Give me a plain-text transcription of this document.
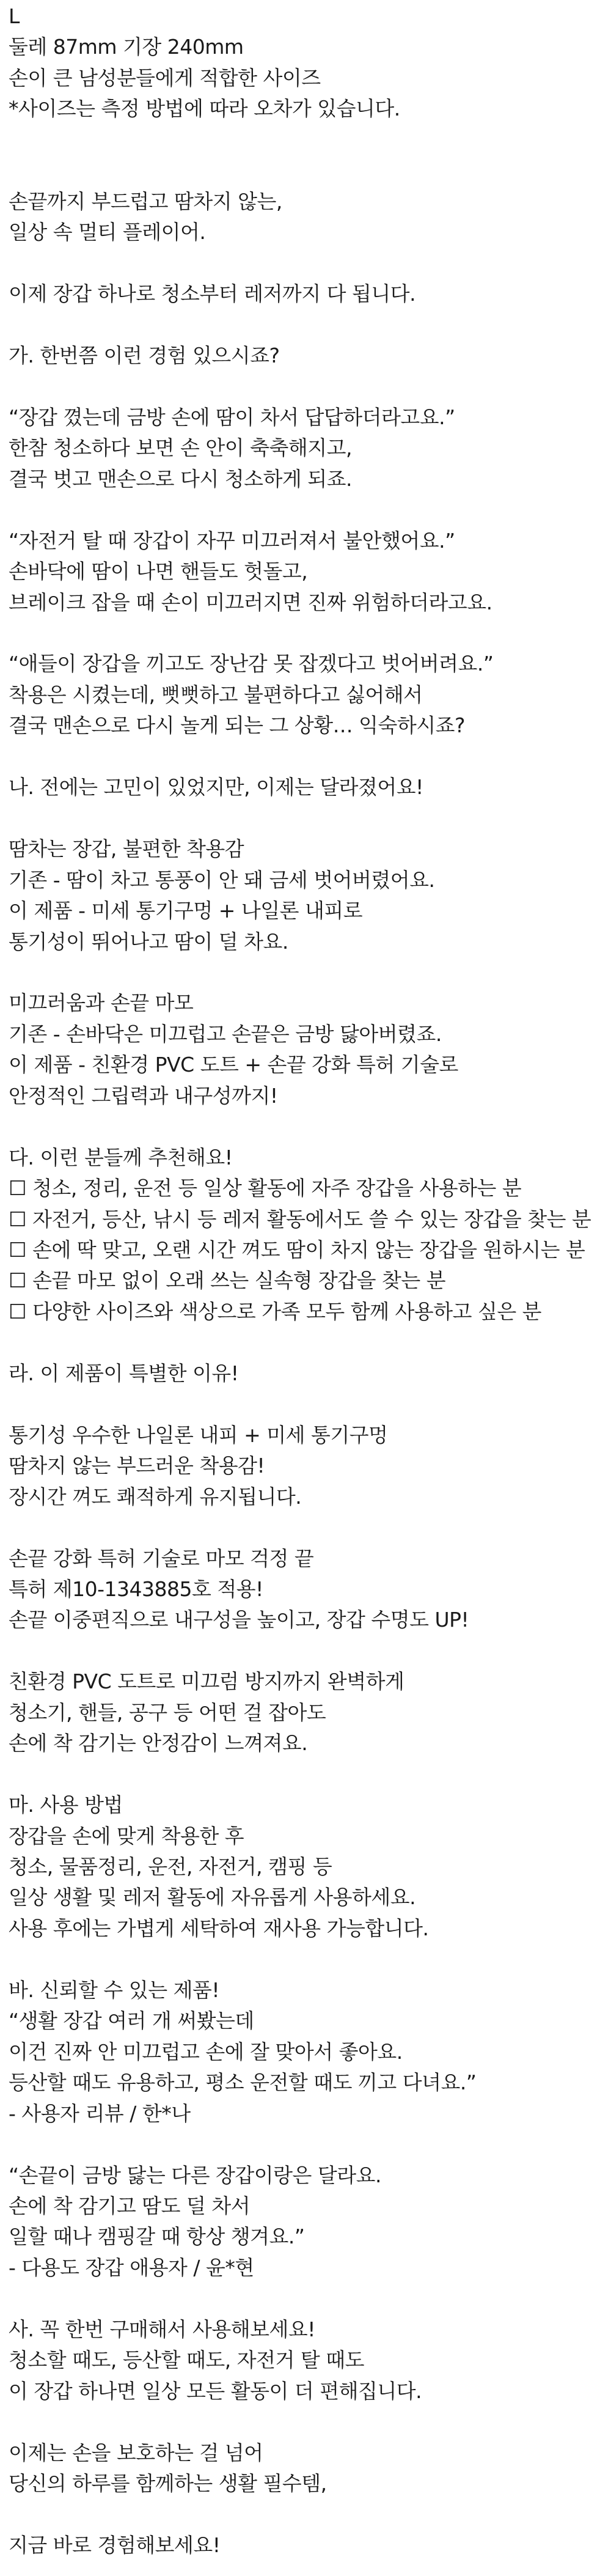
L
둘레 87mm 기장 240mm
손이 큰 남성분들에게 적합한 사이즈
*사이즈는 측정 방법에 따라 오차가 있습니다.
손끝까지 부드럽고 땀차지 않는,
일상 속 멀티 플레이어.
이제 장갑 하나로 청소부터 레저까지 다 됩니다.
가. 한번쯤 이런 경험 있으시죠?
“장갑 꼈는데 금방 손에 땀이 차서 답답하더라고요.”
한참 청소하다 보면 손 안이 축축해지고,
결국 벗고 맨손으로 다시 청소하게 되죠.
“자전거 탈 때 장갑이 자꾸 미끄러져서 불안했어요.”
손바닥에 땀이 나면 핸들도 헛돌고,
브레이크 잡을 때 손이 미끄러지면 진짜 위험하더라고요.
“애들이 장갑을 끼고도 장난감 못 잡겠다고 벗어버려요.”
착용은 시켰는데, 뻣뻣하고 불편하다고 싫어해서
결국 맨손으로 다시 놀게 되는 그 상황… 익숙하시죠?
나. 전에는 고민이 있었지만, 이제는 달라졌어요!
땀차는 장갑, 불편한 착용감
기존 - 땀이 차고 통풍이 안 돼 금세 벗어버렸어요.
이 제품 - 미세 통기구멍 + 나일론 내피로
통기성이 뛰어나고 땀이 덜 차요.
미끄러움과 손끝 마모
기존 - 손바닥은 미끄럽고 손끝은 금방 닳아버렸죠.
이 제품 - 친환경 PVC 도트 + 손끝 강화 특허 기술로
안정적인 그립력과 내구성까지!
다. 이런 분들께 추천해요!
☐ 청소, 정리, 운전 등 일상 활동에 자주 장갑을 사용하는 분
☐ 자전거, 등산, 낚시 등 레저 활동에서도 쓸 수 있는 장갑을 찾는 분
☐ 손에 딱 맞고, 오랜 시간 껴도 땀이 차지 않는 장갑을 원하시는 분
☐ 손끝 마모 없이 오래 쓰는 실속형 장갑을 찾는 분
☐ 다양한 사이즈와 색상으로 가족 모두 함께 사용하고 싶은 분
라. 이 제품이 특별한 이유!
통기성 우수한 나일론 내피 + 미세 통기구멍
땀차지 않는 부드러운 착용감!
장시간 껴도 쾌적하게 유지됩니다.
손끝 강화 특허 기술로 마모 걱정 끝
특허 제10-1343885호 적용!
손끝 이중편직으로 내구성을 높이고, 장갑 수명도 UP!
친환경 PVC 도트로 미끄럼 방지까지 완벽하게
청소기, 핸들, 공구 등 어떤 걸 잡아도
손에 착 감기는 안정감이 느껴져요.
마. 사용 방법
장갑을 손에 맞게 착용한 후
청소, 물품정리, 운전, 자전거, 캠핑 등
일상 생활 및 레저 활동에 자유롭게 사용하세요.
사용 후에는 가볍게 세탁하여 재사용 가능합니다.
바. 신뢰할 수 있는 제품!
“생활 장갑 여러 개 써봤는데
이건 진짜 안 미끄럽고 손에 잘 맞아서 좋아요.
등산할 때도 유용하고, 평소 운전할 때도 끼고 다녀요.”
- 사용자 리뷰 / 한*나
“손끝이 금방 닳는 다른 장갑이랑은 달라요.
손에 착 감기고 땀도 덜 차서
일할 때나 캠핑갈 때 항상 챙겨요.”
- 다용도 장갑 애용자 / 윤*현
사. 꼭 한번 구매해서 사용해보세요!
청소할 때도, 등산할 때도, 자전거 탈 때도
이 장갑 하나면 일상 모든 활동이 더 편해집니다.
이제는 손을 보호하는 걸 넘어
당신의 하루를 함께하는 생활 필수템,
지금 바로 경험해보세요!
